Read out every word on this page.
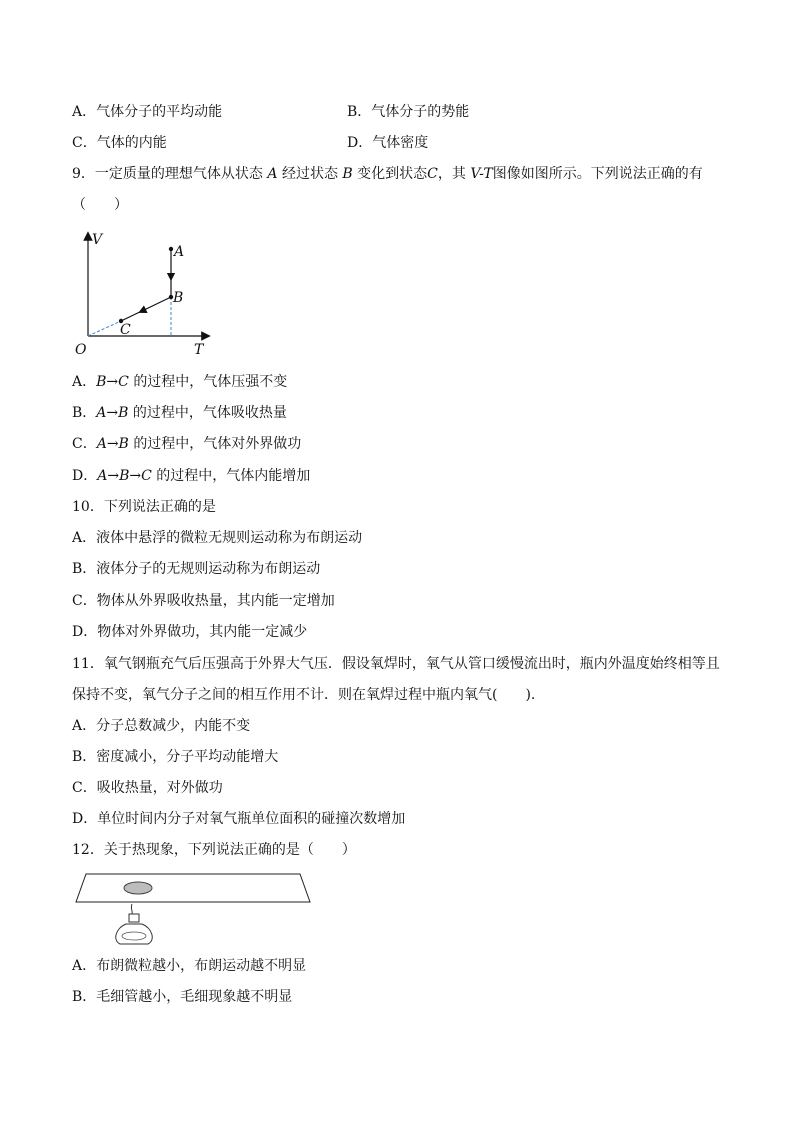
A．气体分子的平均动能	B．气体分子的势能
C．气体的内能	D．气体密度
9．一定质量的理想气体从状态 A 经过状态 B 变化到状态C，其 V-T图像如图所示。下列说法正确的有
（　　）
V
T
O
A
B
C
A．B→C 的过程中，气体压强不变
B．A→B 的过程中，气体吸收热量
C．A→B 的过程中，气体对外界做功
D．A→B→C 的过程中，气体内能增加
10．下列说法正确的是
A．液体中悬浮的微粒无规则运动称为布朗运动
B．液体分子的无规则运动称为布朗运动
C．物体从外界吸收热量，其内能一定增加
D．物体对外界做功，其内能一定减少
11．氧气钢瓶充气后压强高于外界大气压．假设氧焊时，氧气从管口缓慢流出时，瓶内外温度始终相等且
保持不变，氧气分子之间的相互作用不计．则在氧焊过程中瓶内氧气(　　).
A．分子总数减少，内能不变
B．密度减小，分子平均动能增大
C．吸收热量，对外做功
D．单位时间内分子对氧气瓶单位面积的碰撞次数增加
12．关于热现象，下列说法正确的是（　　）
A．布朗微粒越小，布朗运动越不明显
B．毛细管越小，毛细现象越不明显
